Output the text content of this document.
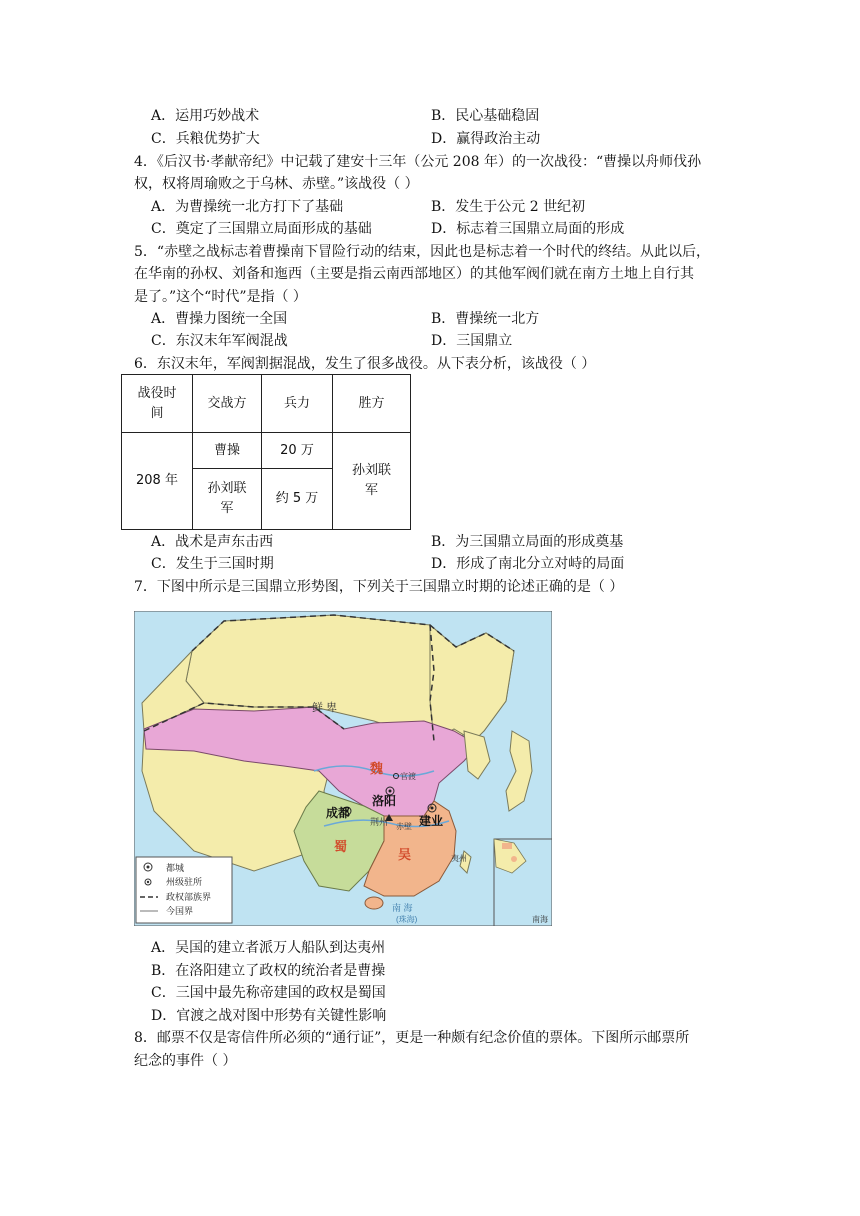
A．运用巧妙战术	B．民心基础稳固
C．兵粮优势扩大	D．赢得政治主动
4．《后汉书·孝献帝纪》中记载了建安十三年（公元 208 年）的一次战役：“曹操以舟师伐孙
权，权将周瑜败之于乌林、赤壁。”该战役（ ）
A．为曹操统一北方打下了基础	B．发生于公元 2 世纪初
C．奠定了三国鼎立局面形成的基础	D．标志着三国鼎立局面的形成
5．“赤壁之战标志着曹操南下冒险行动的结束，因此也是标志着一个时代的终结。从此以后，
在华南的孙权、刘备和迤西（主要是指云南西部地区）的其他军阀们就在南方土地上自行其
是了。”这个“时代”是指（ ）
A．曹操力图统一全国	B．曹操统一北方
C．东汉末年军阀混战	D．三国鼎立
6．东汉末年，军阀割据混战，发生了很多战役。从下表分析，该战役（ ）
战役时间	交战方	兵力	胜方
208 年	曹操	20 万	孙刘联军
	孙刘联军	约 5 万	
A．战术是声东击西	B．为三国鼎立局面的形成奠基
C．发生于三国时期	D．形成了南北分立对峙的局面
7．下图中所示是三国鼎立形势图，下列关于三国鼎立时期的论述正确的是（ ）
鲜 卑
魏
蜀
吴
成都
洛阳
建业
官渡
荆州 赤壁
夷州
南 海
(珠海)	南海
都城
州级驻所
政权部族界
今国界
A．吴国的建立者派万人船队到达夷州
B．在洛阳建立了政权的统治者是曹操
C．三国中最先称帝建国的政权是蜀国
D．官渡之战对图中形势有关键性影响
8．邮票不仅是寄信件所必须的“通行证”，更是一种颇有纪念价值的票体。下图所示邮票所
纪念的事件（ ）
